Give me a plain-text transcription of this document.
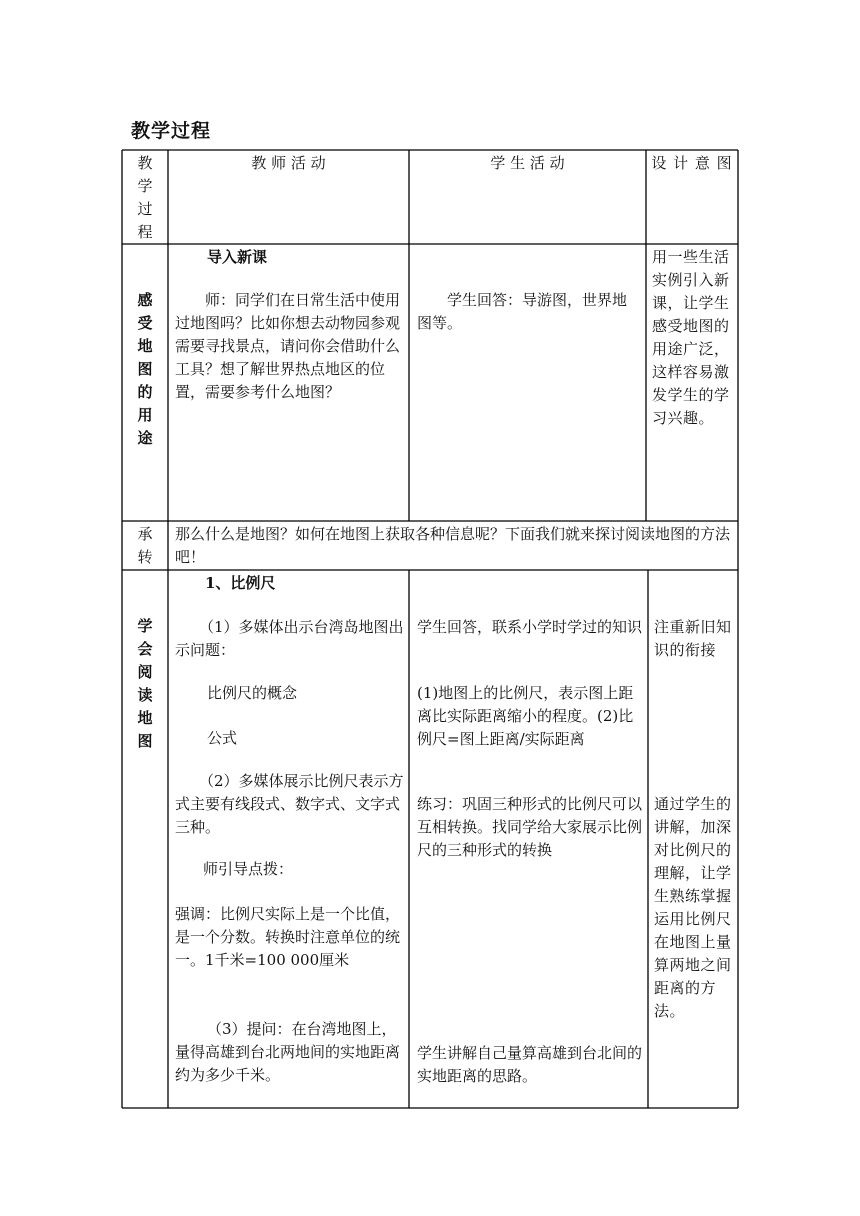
教学过程
教
学
过
程
教 师 活 动	学 生 活 动	设 计 意 图
感
受
地
图
的
用
途

导入新课

师：同学们在日常生活中使用过地图吗？比如你想去动物园参观需要寻找景点，请问你会借助什么工具？想了解世界热点地区的位置，需要参考什么地图？

学生回答：导游图，世界地图等。

用一些生活实例引入新课，让学生感受地图的用途广泛，这样容易激发学生的学习兴趣。

承
转
那么什么是地图？如何在地图上获取各种信息呢？下面我们就来探讨阅读地图的方法吧！
学
会
阅
读
地
图

1、比例尺

（1）多媒体出示台湾岛地图出示问题：

比例尺的概念

公式

（2）多媒体展示比例尺表示方式主要有线段式、数字式、文字式三种。

师引导点拨：

强调：比例尺实际上是一个比值，是一个分数。转换时注意单位的统一。1千米=100 000厘米

（3）提问：在台湾地图上，量得高雄到台北两地间的实地距离约为多少千米。

学生回答，联系小学时学过的知识

(1)地图上的比例尺，表示图上距离比实际距离缩小的程度。(2)比例尺=图上距离/实际距离

练习：巩固三种形式的比例尺可以互相转换。找同学给大家展示比例尺的三种形式的转换

学生讲解自己量算高雄到台北间的实地距离的思路。

注重新旧知识的衔接

通过学生的讲解，加深对比例尺的理解，让学生熟练掌握运用比例尺在地图上量算两地之间距离的方法。
